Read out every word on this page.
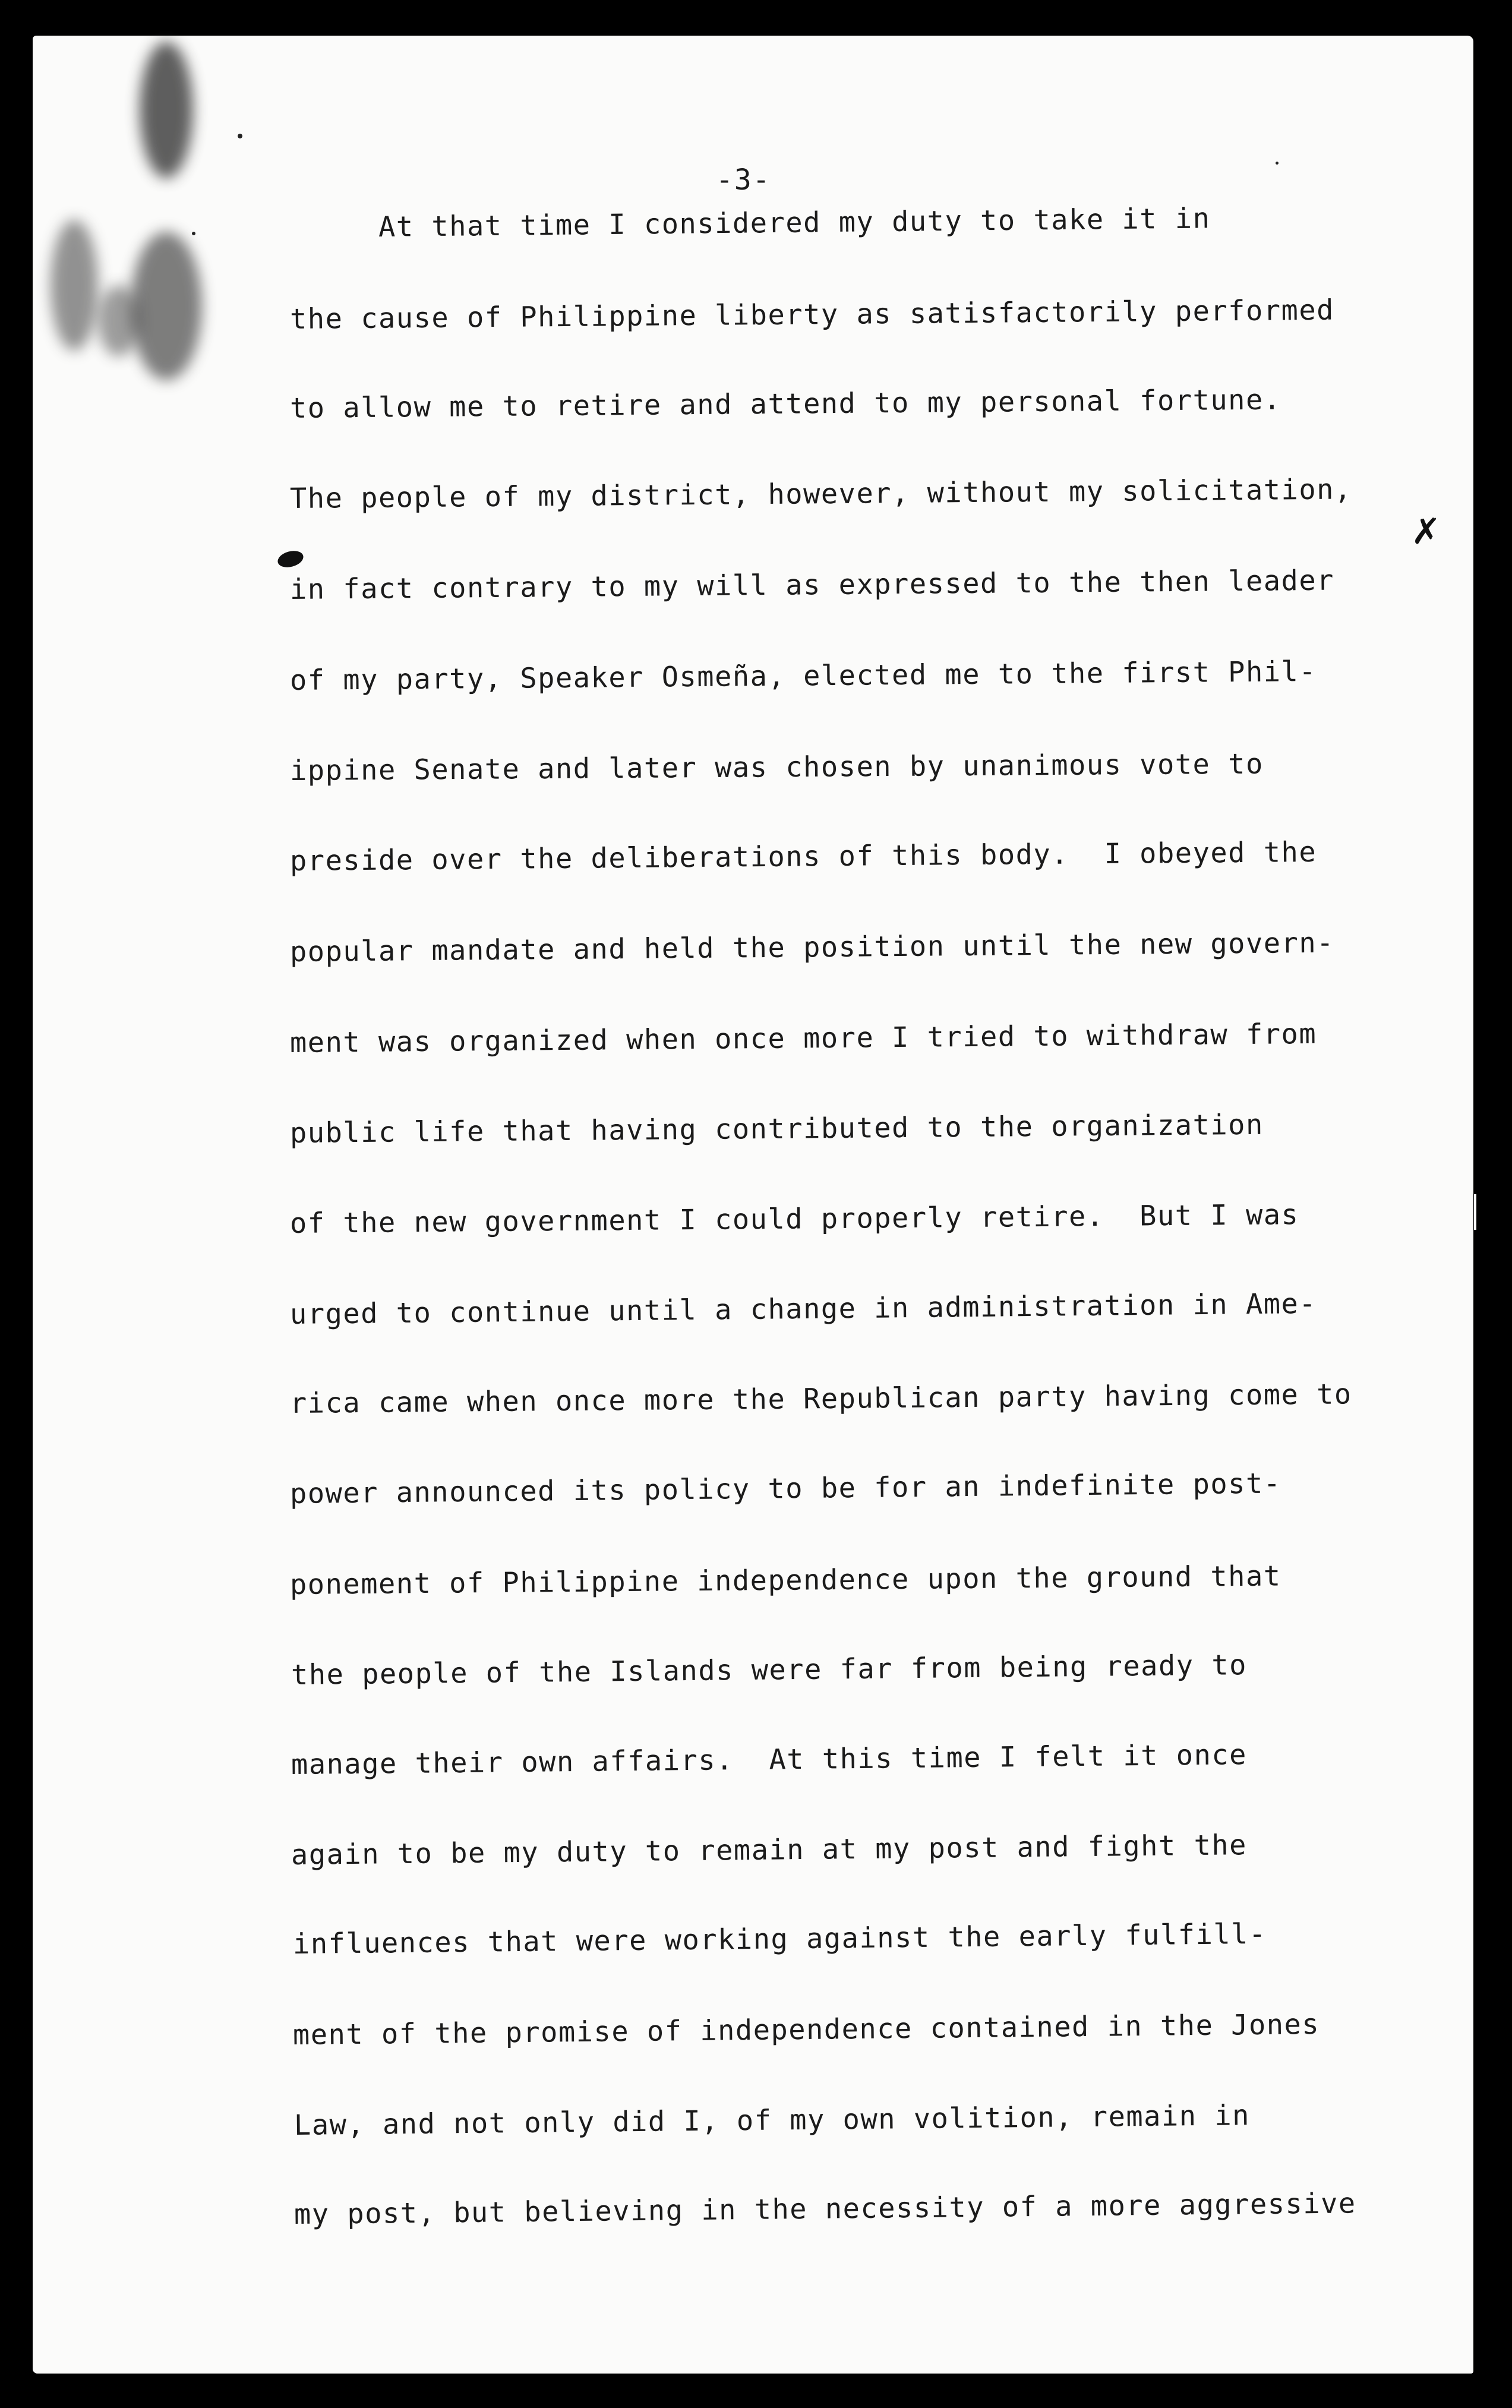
✗
-3-
At that time I considered my duty to take it in
the cause of Philippine liberty as satisfactorily performed
to allow me to retire and attend to my personal fortune.
The people of my district, however, without my solicitation,
in fact contrary to my will as expressed to the then leader
of my party, Speaker Osmeña, elected me to the first Phil-
ippine Senate and later was chosen by unanimous vote to
preside over the deliberations of this body.  I obeyed the
popular mandate and held the position until the new govern-
ment was organized when once more I tried to withdraw from
public life that having contributed to the organization
of the new government I could properly retire.  But I was
urged to continue until a change in administration in Ame-
rica came when once more the Republican party having come to
power announced its policy to be for an indefinite post-
ponement of Philippine independence upon the ground that
the people of the Islands were far from being ready to
manage their own affairs.  At this time I felt it once
again to be my duty to remain at my post and fight the
influences that were working against the early fulfill-
ment of the promise of independence contained in the Jones
Law, and not only did I, of my own volition, remain in
my post, but believing in the necessity of a more aggressive
